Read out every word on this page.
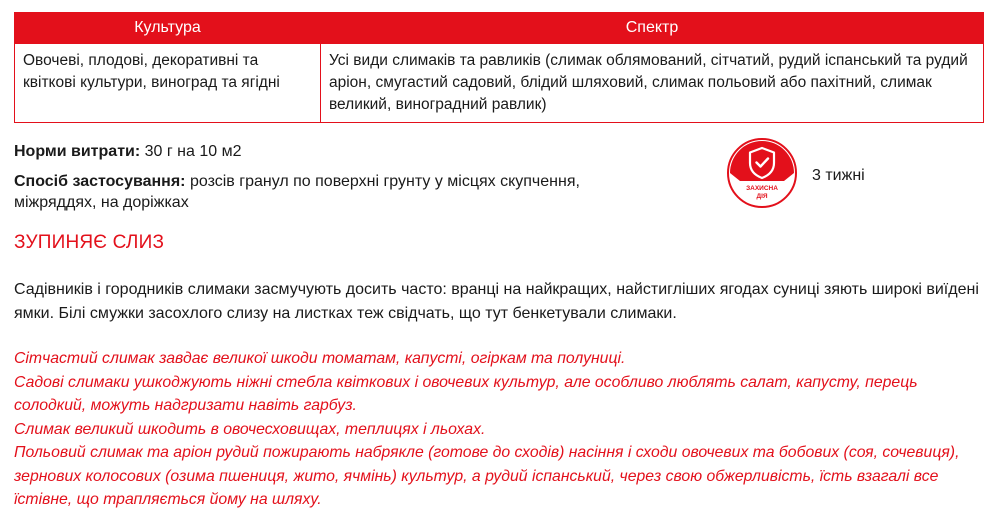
Культура	Спектр
Овочеві, плодові, декоративні та квіткові культури, виноград та ягідні	Усі види слимаків та равликів (слимак облямований, сітчатий, рудий іспанський та рудий аріон, смугастий садовий, блідий шляховий, слимак польовий або пахітний, слимак великий, виноградний равлик)
Норми витрати: 30 г на 10 м2
Спосіб застосування: розсів гранул по поверхні грунту у місцях скупчення, міжряддях, на доріжках
ЗАХИСНА
ДІЯ
3 тижні
ЗУПИНЯЄ СЛИЗ
Садівників і городників слимаки засмучують досить часто: вранці на найкращих, найстигліших ягодах суниці зяють широкі виїдені ямки. Білі смужки засохлого слизу на листках теж свідчать, що тут бенкетували слимаки.
Сітчастий слимак завдає великої шкоди томатам, капусті, огіркам та полуниці.
Садові слимаки ушкоджують ніжні стебла квіткових і овочевих культур, але особливо люблять салат, капусту, перець солодкий, можуть надгризати навіть гарбуз.
Слимак великий шкодить в овочесховищах, теплицях і льохах.
Польовий слимак та аріон рудий пожирають набрякле (готове до сходів) насіння і сходи овочевих та бобових (соя, сочевиця), зернових колосових (озима пшениця, жито, ячмінь) культур, а рудий іспанський, через свою обжерливість, їсть взагалі все їстівне, що трапляється йому на шляху.
